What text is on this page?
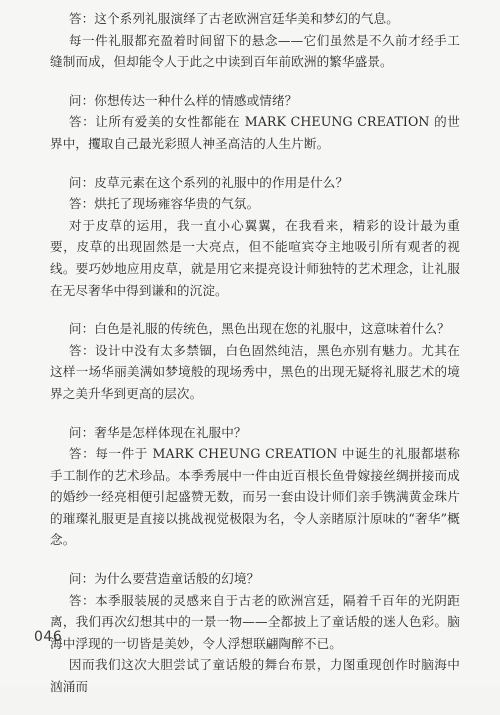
答：这个系列礼服演绎了古老欧洲宫廷华美和梦幻的气息。

每一件礼服都充盈着时间留下的悬念——它们虽然是不久前才经手工缝制而成，但却能令人于此之中读到百年前欧洲的繁华盛景。

问：你想传达一种什么样的情感或情绪？

答：让所有爱美的女性都能在 MARK CHEUNG CREATION 的世界中，攫取自己最光彩照人神圣高洁的人生片断。

问：皮草元素在这个系列的礼服中的作用是什么？

答：烘托了现场雍容华贵的气氛。

对于皮草的运用，我一直小心翼翼，在我看来，精彩的设计最为重要，皮草的出现固然是一大亮点，但不能喧宾夺主地吸引所有观者的视线。要巧妙地应用皮草，就是用它来提亮设计师独特的艺术理念，让礼服在无尽奢华中得到谦和的沉淀。

问：白色是礼服的传统色，黑色出现在您的礼服中，这意味着什么？

答：设计中没有太多禁锢，白色固然纯洁，黑色亦别有魅力。尤其在这样一场华丽美满如梦境般的现场秀中，黑色的出现无疑将礼服艺术的境界之美升华到更高的层次。

问：奢华是怎样体现在礼服中？

答：每一件于 MARK CHEUNG CREATION 中诞生的礼服都堪称手工制作的艺术珍品。本季秀展中一件由近百根长鱼骨嫁接丝绸拼接而成的婚纱一经亮相便引起盛赞无数，而另一套由设计师们亲手镌满黄金珠片的璀璨礼服更是直接以挑战视觉极限为名，令人亲睹原汁原味的“奢华”概念。

问：为什么要营造童话般的幻境？

答：本季服装展的灵感来自于古老的欧洲宫廷，隔着千百年的光阴距离，我们再次幻想其中的一景一物——全都披上了童话般的迷人色彩。脑海中浮现的一切皆是美妙，令人浮想联翩陶醉不已。

因而我们这次大胆尝试了童话般的舞台布景，力图重现创作时脑海中汹涌而

046
